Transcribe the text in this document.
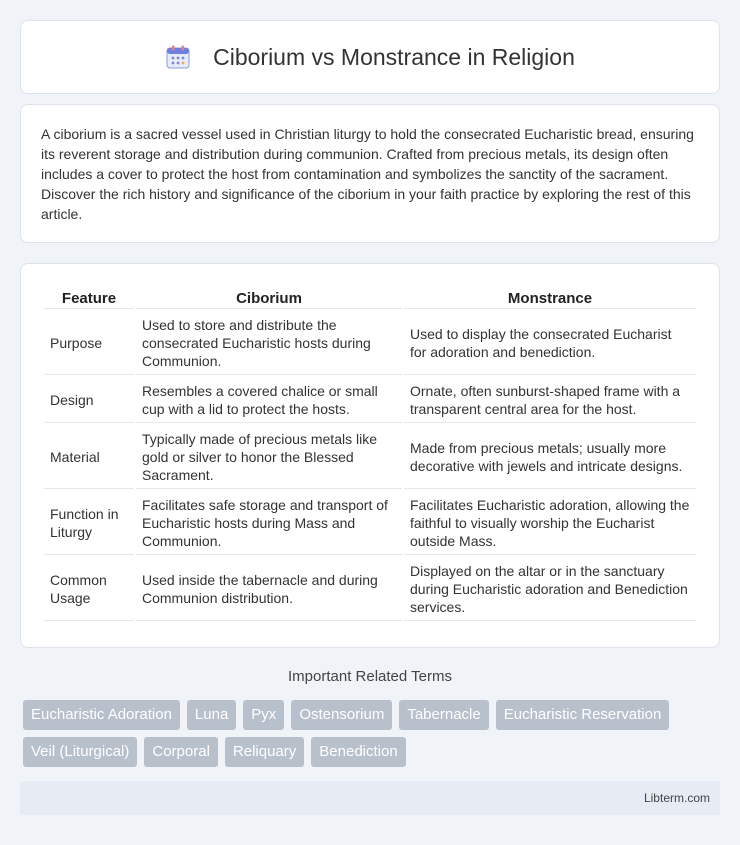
Ciborium vs Monstrance in Religion

A ciborium is a sacred vessel used in Christian liturgy to hold the consecrated Eucharistic bread, ensuring its reverent storage and distribution during communion. Crafted from precious metals, its design often includes a cover to protect the host from contamination and symbolizes the sanctity of the sacrament. Discover the rich history and significance of the ciborium in your faith practice by exploring the rest of this article.

Feature	Ciborium	Monstrance
Purpose	Used to store and distribute the consecrated Eucharistic hosts during Communion.	Used to display the consecrated Eucharist for adoration and benediction.
Design	Resembles a covered chalice or small cup with a lid to protect the hosts.	Ornate, often sunburst-shaped frame with a transparent central area for the host.
Material	Typically made of precious metals like gold or silver to honor the Blessed Sacrament.	Made from precious metals; usually more decorative with jewels and intricate designs.
Function in Liturgy	Facilitates safe storage and transport of Eucharistic hosts during Mass and Communion.	Facilitates Eucharistic adoration, allowing the faithful to visually worship the Eucharist outside Mass.
Common Usage	Used inside the tabernacle and during Communion distribution.	Displayed on the altar or in the sanctuary during Eucharistic adoration and Benediction services.
Important Related Terms
Eucharistic Adoration	Luna	Pyx	Ostensorium	Tabernacle	Eucharistic Reservation
Veil (Liturgical)	Corporal	Reliquary	Benediction
Libterm.com
